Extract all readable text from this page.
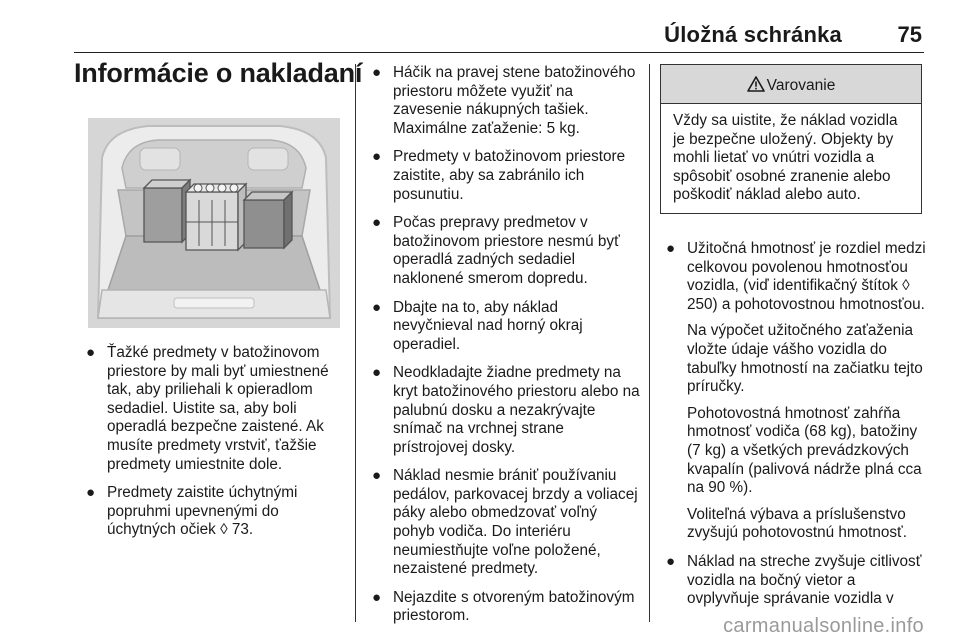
Úložná schránka	75
Informácie o nakladaní
● Ťažké predmety v batožinovom priestore by mali byť umiestnené tak, aby priliehali k opieradlom sedadiel. Uistite sa, aby boli operadlá bezpečne zaistené. Ak musíte predmety vrstviť, ťažšie predmety umiestnite dole.
● Predmety zaistite úchytnými popruhmi upevnenými do úchytných očiek ◊ 73.
● Háčik na pravej stene batožinového priestoru môžete využiť na zavesenie nákupných tašiek. Maximálne zaťaženie: 5 kg.
● Predmety v batožinovom priestore zaistite, aby sa zabránilo ich posunutiu.
● Počas prepravy predmetov v batožinovom priestore nesmú byť operadlá zadných sedadiel naklonené smerom dopredu.
● Dbajte na to, aby náklad nevyčnieval nad horný okraj operadiel.
● Neodkladajte žiadne predmety na kryt batožinového priestoru alebo na palubnú dosku a nezakrývajte snímač na vrchnej strane prístrojovej dosky.
● Náklad nesmie brániť používaniu pedálov, parkovacej brzdy a voliacej páky alebo obmedzovať voľný pohyb vodiča. Do interiéru neumiestňujte voľne položené, nezaistené predmety.
● Nejazdite s otvoreným batožinovým priestorom.
Varovanie
Vždy sa uistite, že náklad vozidla je bezpečne uložený. Objekty by mohli lietať vo vnútri vozidla a spôsobiť osobné zranenie alebo poškodiť náklad alebo auto.
● Užitočná hmotnosť je rozdiel medzi celkovou povolenou hmotnosťou vozidla, (viď identifikačný štítok ◊ 250) a pohotovostnou hmotnosťou.

Na výpočet užitočného zaťaženia vložte údaje vášho vozidla do tabuľky hmotností na začiatku tejto príručky.

Pohotovostná hmotnosť zahŕňa hmotnosť vodiča (68 kg), batožiny (7 kg) a všetkých prevádzkových kvapalín (palivová nádrže plná cca na 90 %).

Voliteľná výbava a príslušenstvo zvyšujú pohotovostnú hmotnosť.

● Náklad na streche zvyšuje citlivosť vozidla na bočný vietor a ovplyvňuje správanie vozidla v
carmanualsonline.info
